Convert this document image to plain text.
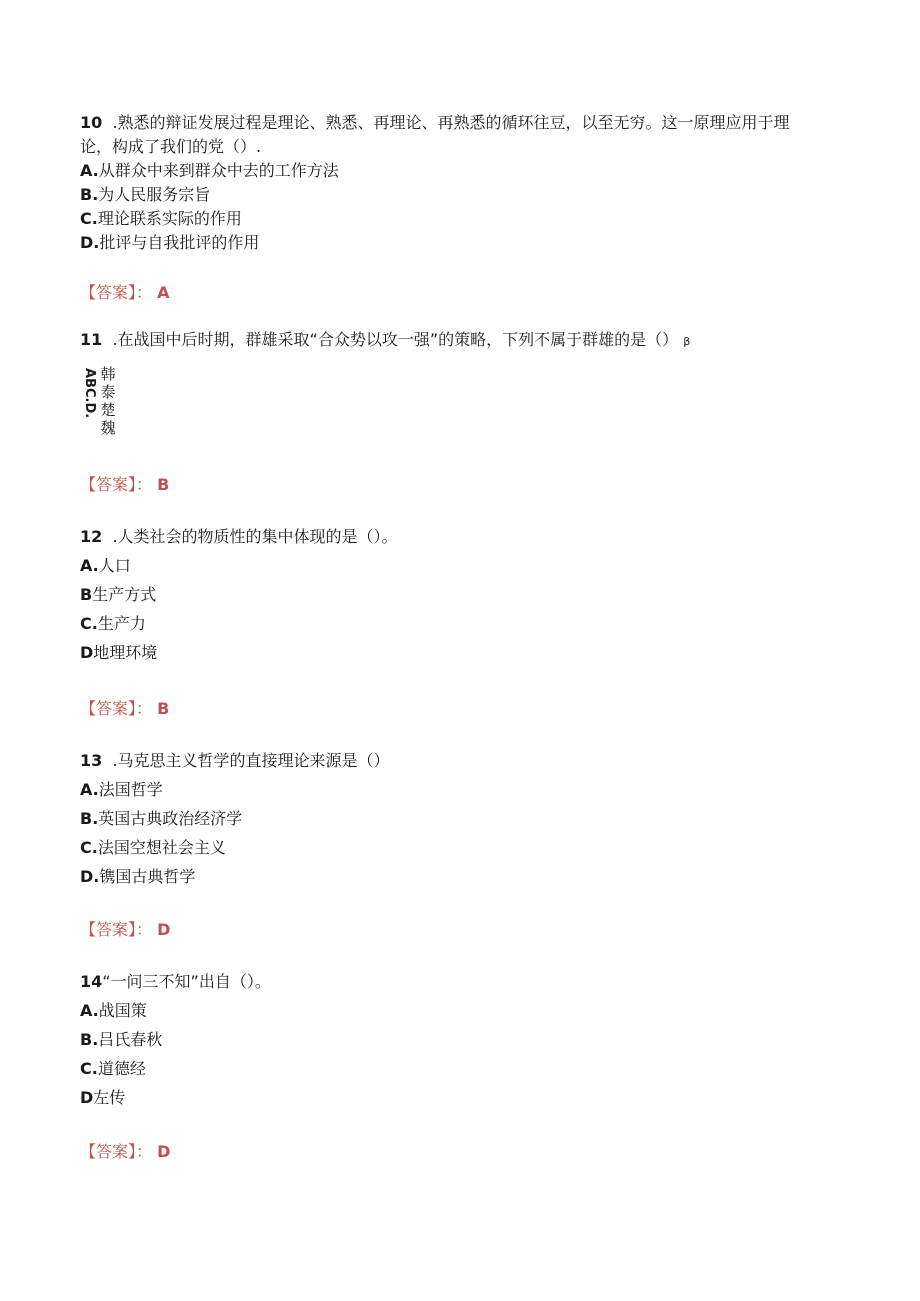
10 .熟悉的辩证发展过程是理论、熟悉、再理论、再熟悉的循环往豆，以至无穷。这一原理应用于理
论，构成了我们的党（）.
A.从群众中来到群众中去的工作方法
B.为人民服务宗旨
C.理论联系实际的作用
D.批评与自我批评的作用
【答案】： A
11 .在战国中后时期，群雄采取“合众势以攻一强”的策略，下列不属于群雄的是（） β
ABC.D. 韩
泰
楚
魏
【答案】： B
12 .人类社会的物质性的集中体现的是（）。
A.人口
B生产方式
C.生产力
D地理环境
【答案】： B
13 .马克思主义哲学的直接理论来源是（）
A.法国哲学
B.英国古典政治经济学
C.法国空想社会主义
D.镌国古典哲学
【答案】： D
14“一问三不知”出自（）。
A.战国策
B.吕氏春秋
C.道德经
D左传
【答案】： D
